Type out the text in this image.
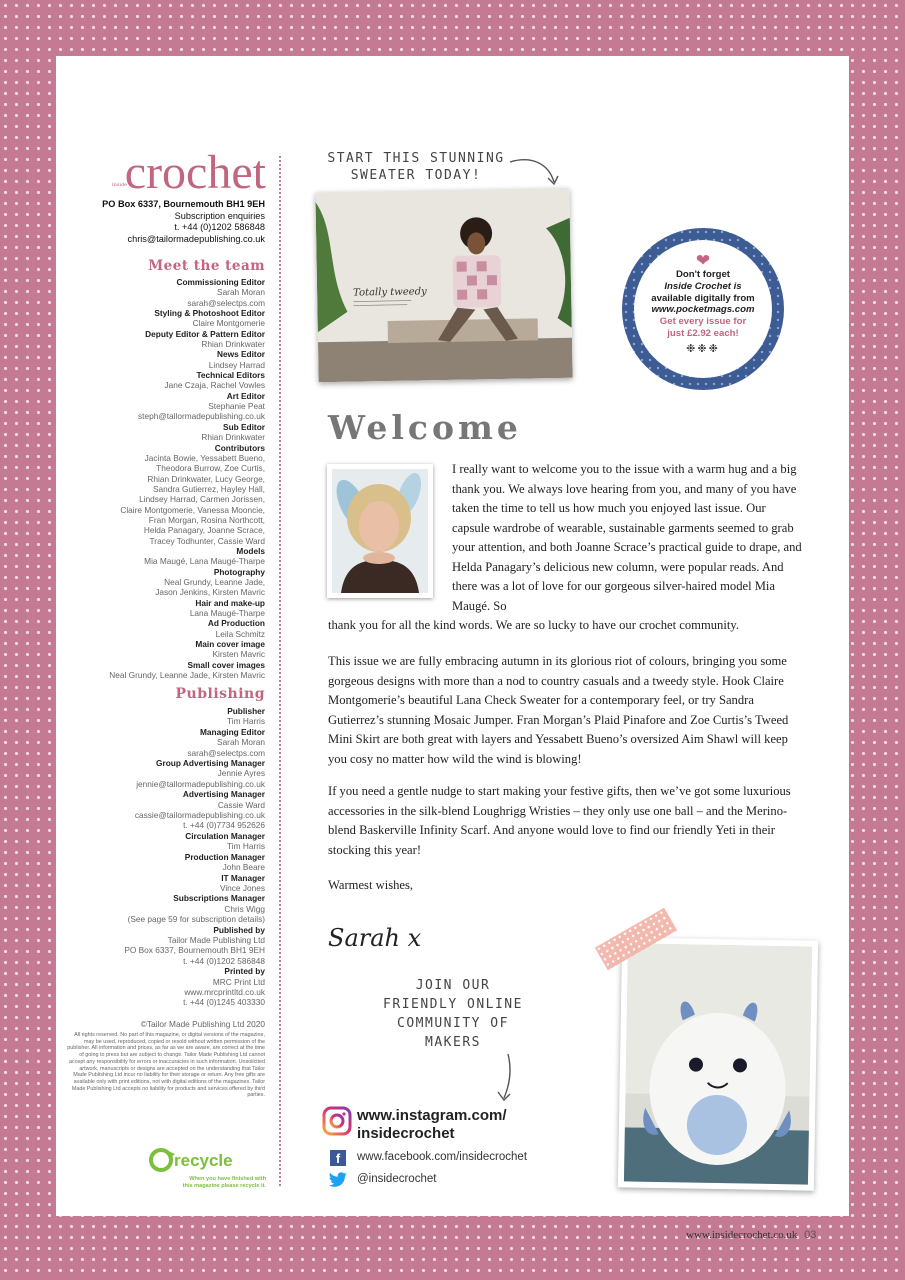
inside
crochet
PO Box 6337, Bournemouth BH1 9EH
Subscription enquiries
t. +44 (0)1202 586848
chris@tailormadepublishing.co.uk
Meet the team
Commissioning Editor
Sarah Moran
sarah@selectps.com
Styling & Photoshoot Editor
Claire Montgomerie
Deputy Editor & Pattern Editor
Rhian Drinkwater
News Editor
Lindsey Harrad
Technical Editors
Jane Czaja, Rachel Vowles
Art Editor
Stephanie Peat
steph@tailormadepublishing.co.uk
Sub Editor
Rhian Drinkwater
Contributors
Jacinta Bowie, Yessabett Bueno,
Theodora Burrow, Zoe Curtis,
Rhian Drinkwater, Lucy George,
Sandra Gutierrez, Hayley Hall,
Lindsey Harrad, Carmen Jorissen,
Claire Montgomerie, Vanessa Mooncie,
Fran Morgan, Rosina Northcott,
Helda Panagary, Joanne Scrace,
Tracey Todhunter, Cassie Ward
Models
Mia Maugé, Lana Maugé-Tharpe
Photography
Neal Grundy, Leanne Jade,
Jason Jenkins, Kirsten Mavric
Hair and make-up
Lana Maugé-Tharpe
Ad Production
Leila Schmitz
Main cover image
Kirsten Mavric
Small cover images
Neal Grundy, Leanne Jade, Kirsten Mavric
Publishing
Publisher
Tim Harris
Managing Editor
Sarah Moran
sarah@selectps.com
Group Advertising Manager
Jennie Ayres
jennie@tailormadepublishing.co.uk
Advertising Manager
Cassie Ward
cassie@tailormadepublishing.co.uk
t. +44 (0)7734 952626
Circulation Manager
Tim Harris
Production Manager
John Beare
IT Manager
Vince Jones
Subscriptions Manager
Chris Wigg
(See page 59 for subscription details)
Published by
Tailor Made Publishing Ltd
PO Box 6337, Bournemouth BH1 9EH
t. +44 (0)1202 586848
Printed by
MRC Print Ltd
www.mrcprintltd.co.uk
t. +44 (0)1245 403330
©Tailor Made Publishing Ltd 2020
All rights reserved. No part of this magazine, or digital versions of the magazine, may be used, reproduced, copied or resold without written permission of the publisher. All information and prices, as far as we are aware, are correct at the time of going to press but are subject to change. Tailor Made Publishing Ltd cannot accept any responsibility for errors or inaccuracies in such information. Unsolicited artwork, manuscripts or designs are accepted on the understanding that Tailor Made Publishing Ltd incur no liability for their storage or return. Any free gifts are available only with print editions, not with digital editions of the magazines. Tailor Made Publishing Ltd accepts no liability for products and services offered by third parties.
recycle
When you have finished with
this magazine please recycle it.
START THIS STUNNING SWEATER TODAY!
Totally tweedy
❤
Don't forget
Inside Crochet is
available digitally from
www.pocketmags.com
Get every issue for
just £2.92 each!
❉❉❉
Welcome
I really want to welcome you to the issue with a warm hug and a big thank you. We always love hearing from you, and many of you have taken the time to tell us how much you enjoyed last issue. Our capsule wardrobe of wearable, sustainable garments seemed to grab your attention, and both Joanne Scrace’s practical guide to drape, and Helda Panagary’s delicious new column, were popular reads. And there was a lot of love for our gorgeous silver-haired model Mia Maugé. So
thank you for all the kind words. We are so lucky to have our crochet community.
This issue we are fully embracing autumn in its glorious riot of colours, bringing you some gorgeous designs with more than a nod to country casuals and a tweedy style. Hook Claire Montgomerie’s beautiful Lana Check Sweater for a contemporary feel, or try Sandra Gutierrez’s stunning Mosaic Jumper. Fran Morgan’s Plaid Pinafore and Zoe Curtis’s Tweed Mini Skirt are both great with layers and Yessabett Bueno’s oversized Aim Shawl will keep you cosy no matter how wild the wind is blowing!
If you need a gentle nudge to start making your festive gifts, then we’ve got some luxurious accessories in the silk-blend Loughrigg Wristies – they only use one ball – and the Merino-blend Baskerville Infinity Scarf. And anyone would love to find our friendly Yeti in their stocking this year!
Warmest wishes,
Sarah x
JOIN OUR FRIENDLY ONLINE COMMUNITY OF MAKERS
www.instagram.com/
insidecrochet
f	www.facebook.com/insidecrochet
@insidecrochet
www.insidecrochet.co.uk 03
